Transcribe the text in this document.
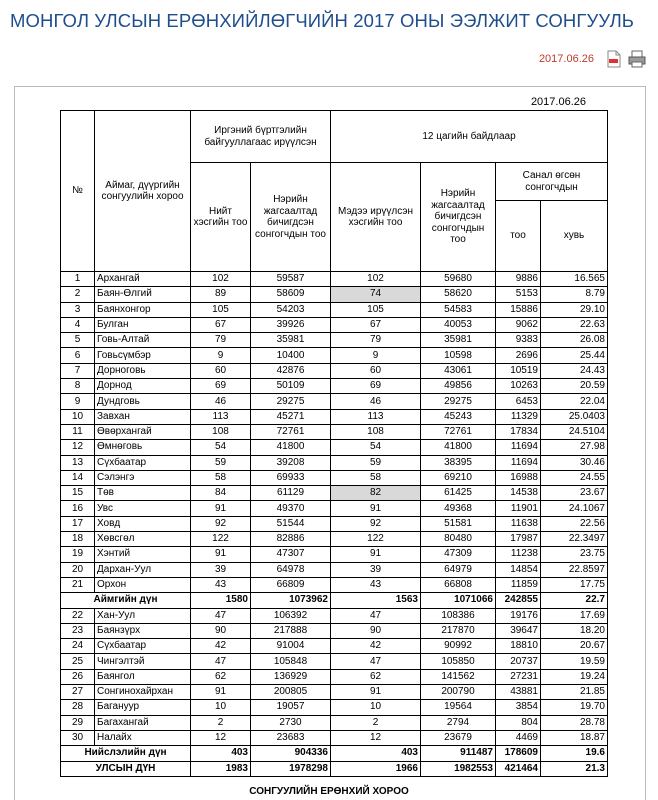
МОНГОЛ УЛСЫН ЕРӨНХИЙЛӨГЧИЙН 2017 ОНЫ ЭЭЛЖИТ СОНГУУЛЬ
2017.06.26
2017.06.26
№	Аймаг, дүүргийн сонгуулийн хороо	Иргэний бүртгэлийн байгууллагаас ирүүлсэн		12 цагийн байдлаар			
		Нийт хэсгийн тоо	Нэрийн жагсаалтад бичигдсэн сонгогчдын тоо	Мэдээ ирүүлсэн хэсгийн тоо	Нэрийн жагсаалтад бичигдсэн сонгогчдын тоо	Санал өгсөн сонгогчдын	
						тоо	хувь
1	Архангай	102	59587	102	59680	9886	16.565
2	Баян-Өлгий	89	58609	74	58620	5153	8.79
3	Баянхонгор	105	54203	105	54583	15886	29.10
4	Булган	67	39926	67	40053	9062	22.63
5	Говь-Алтай	79	35981	79	35981	9383	26.08
6	Говьсүмбэр	9	10400	9	10598	2696	25.44
7	Дорноговь	60	42876	60	43061	10519	24.43
8	Дорнод	69	50109	69	49856	10263	20.59
9	Дундговь	46	29275	46	29275	6453	22.04
10	Завхан	113	45271	113	45243	11329	25.0403
11	Өвөрхангай	108	72761	108	72761	17834	24.5104
12	Өмнөговь	54	41800	54	41800	11694	27.98
13	Сүхбаатар	59	39208	59	38395	11694	30.46
14	Сэлэнгэ	58	69933	58	69210	16988	24.55
15	Төв	84	61129	82	61425	14538	23.67
16	Увс	91	49370	91	49368	11901	24.1067
17	Ховд	92	51544	92	51581	11638	22.56
18	Хөвсгөл	122	82886	122	80480	17987	22.3497
19	Хэнтий	91	47307	91	47309	11238	23.75
20	Дархан-Уул	39	64978	39	64979	14854	22.8597
21	Орхон	43	66809	43	66808	11859	17.75
Аймгийн дүн		1580	1073962	1563	1071066	242855	22.7
22	Хан-Уул	47	106392	47	108386	19176	17.69
23	Баянзүрх	90	217888	90	217870	39647	18.20
24	Сүхбаатар	42	91004	42	90992	18810	20.67
25	Чингэлтэй	47	105848	47	105850	20737	19.59
26	Баянгол	62	136929	62	141562	27231	19.24
27	Сонгинохайрхан	91	200805	91	200790	43881	21.85
28	Багануур	10	19057	10	19564	3854	19.70
29	Багахангай	2	2730	2	2794	804	28.78
30	Налайх	12	23683	12	23679	4469	18.87
Нийслэлийн дүн		403	904336	403	911487	178609	19.6
УЛСЫН ДҮН		1983	1978298	1966	1982553	421464	21.3
СОНГУУЛИЙН ЕРӨНХИЙ ХОРОО
